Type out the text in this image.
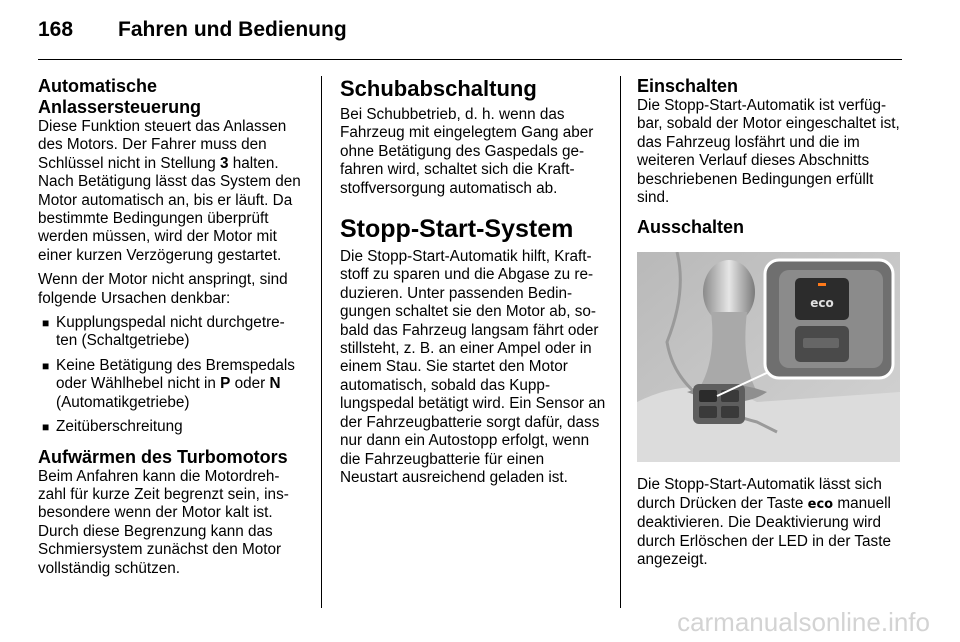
168 Fahren und Bedienung
Automatische
Anlassersteuerung

Diese Funktion steuert das Anlassen des Motors. Der Fahrer muss den Schlüssel nicht in Stellung 3 halten. Nach Betätigung lässt das System den Motor automatisch an, bis er läuft. Da bestimmte Bedingungen überprüft werden müssen, wird der Motor mit einer kurzen Verzögerung gestartet.

Wenn der Motor nicht anspringt, sind folgende Ursachen denkbar:

■ Kupplungspedal nicht durchgetre- ten (Schaltgetriebe)
■ Keine Betätigung des Bremspedals oder Wählhebel nicht in P oder N (Automatikgetriebe)
■ Zeitüberschreitung
Aufwärmen des Turbomotors

Beim Anfahren kann die Motordreh- zahl für kurze Zeit begrenzt sein, ins- besondere wenn der Motor kalt ist. Durch diese Begrenzung kann das Schmiersystem zunächst den Motor vollständig schützen.

Schubabschaltung

Bei Schubbetrieb, d. h. wenn das Fahrzeug mit eingelegtem Gang aber ohne Betätigung des Gaspedals ge- fahren wird, schaltet sich die Kraft- stoffversorgung automatisch ab.

Stopp-Start-System

Die Stopp-Start-Automatik hilft, Kraft- stoff zu sparen und die Abgase zu re- duzieren. Unter passenden Bedin- gungen schaltet sie den Motor ab, so- bald das Fahrzeug langsam fährt oder stillsteht, z. B. an einer Ampel oder in einem Stau. Sie startet den Motor automatisch, sobald das Kupp- lungspedal betätigt wird. Ein Sensor an der Fahrzeugbatterie sorgt dafür, dass nur dann ein Autostopp erfolgt, wenn die Fahrzeugbatterie für einen Neustart ausreichend geladen ist.

Einschalten

Die Stopp-Start-Automatik ist verfüg- bar, sobald der Motor eingeschaltet ist, das Fahrzeug losfährt und die im weiteren Verlauf dieses Abschnitts beschriebenen Bedingungen erfüllt sind.

Ausschalten
eco

Die Stopp-Start-Automatik lässt sich durch Drücken der Taste eco manuell deaktivieren. Die Deaktivierung wird durch Erlöschen der LED in der Taste angezeigt.

carmanualsonline.info
